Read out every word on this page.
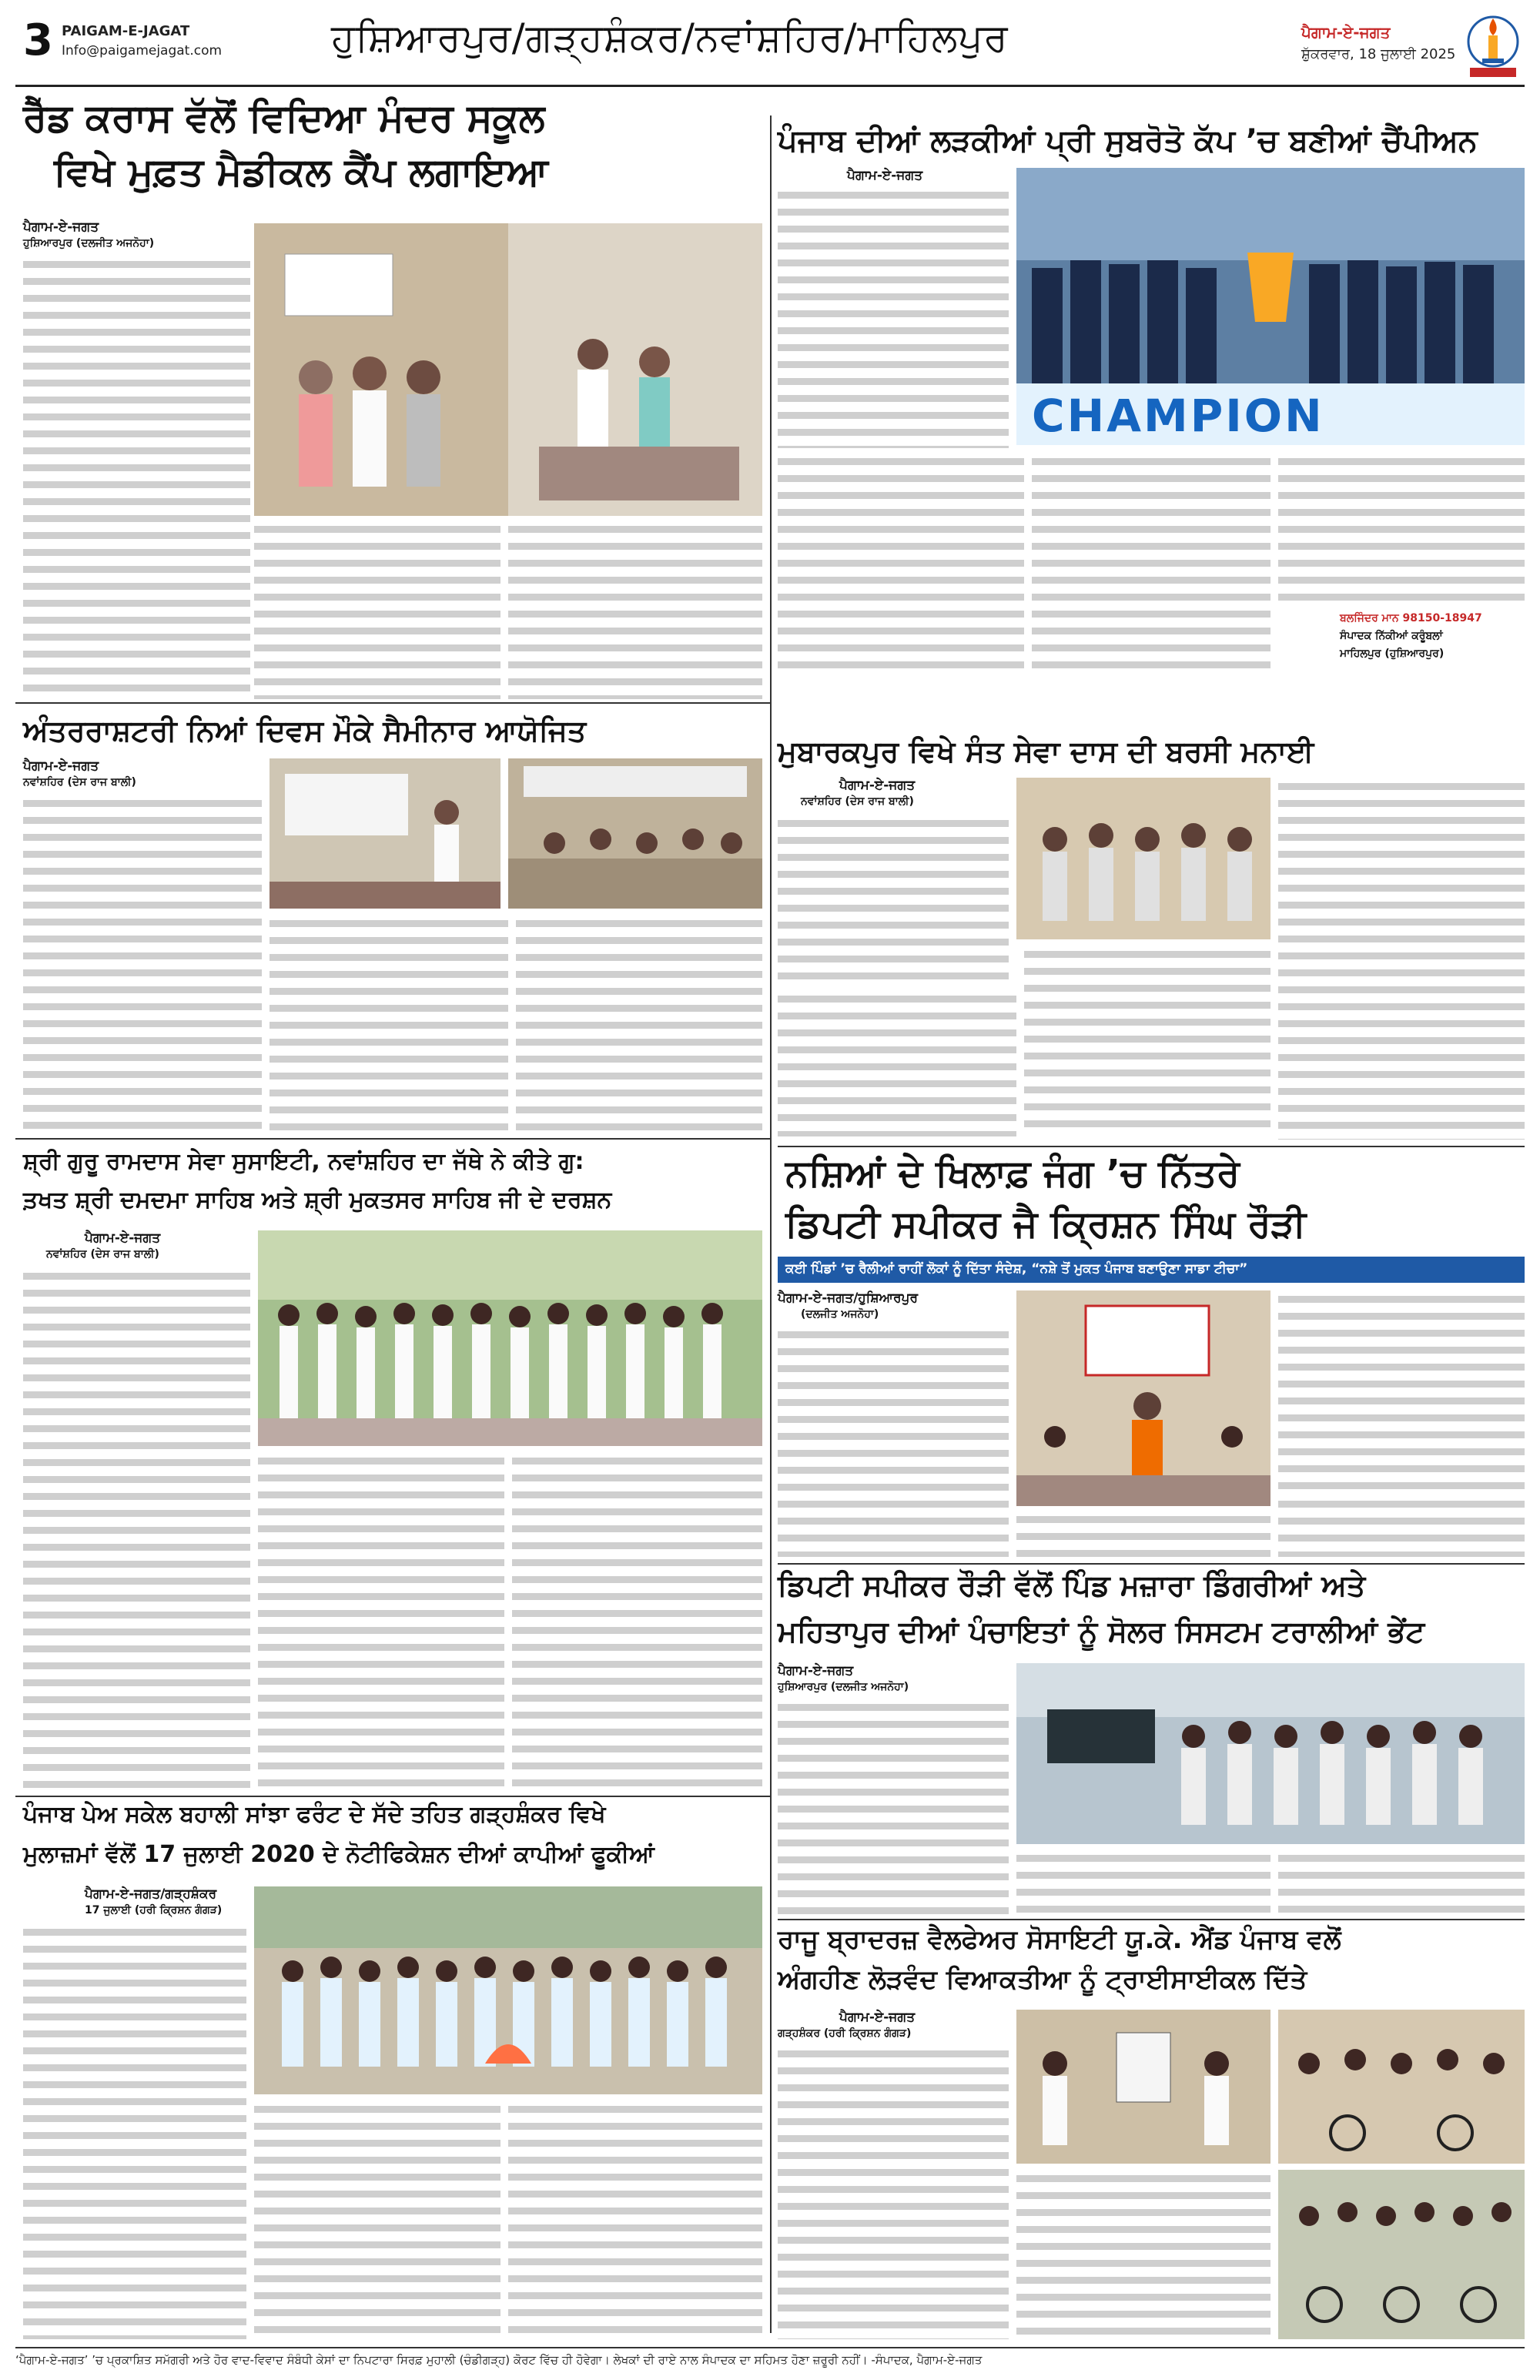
3 PAIGAM-E-JAGAT
Info@paigamejagat.com	ਹੁਸ਼ਿਆਰਪੁਰ/ਗੜ੍ਹਸ਼ੰਕਰ/ਨਵਾਂਸ਼ਹਿਰ/ਮਾਹਿਲਪੁਰ	ਪੈਗਾਮ-ਏ-ਜਗਤ
ਸ਼ੁੱਕਰਵਾਰ, 18 ਜੁਲਾਈ 2025
ਰੈੱਡ ਕਰਾਸ ਵੱਲੋਂ ਵਿਦਿਆ ਮੰਦਰ ਸਕੂਲ
ਵਿਖੇ ਮੁਫ਼ਤ ਮੈਡੀਕਲ ਕੈਂਪ ਲਗਾਇਆ
ਪੈਗਾਮ-ਏ-ਜਗਤ
ਹੁਸ਼ਿਆਰਪੁਰ (ਦਲਜੀਤ ਅਜਨੋਹਾ)
ਪੰਜਾਬ ਦੀਆਂ ਲੜਕੀਆਂ ਪ੍ਰੀ ਸੁਬਰੋਤੋ ਕੱਪ ’ਚ ਬਣੀਆਂ ਚੈਂਪੀਅਨ
ਪੈਗਾਮ-ਏ-ਜਗਤ
CHAMPION
ਬਲਜਿੰਦਰ ਮਾਨ 98150-18947
ਸੰਪਾਦਕ ਨਿੱਕੀਆਂ ਕਰੂੰਬਲਾਂ
ਮਾਹਿਲਪੁਰ (ਹੁਸ਼ਿਆਰਪੁਰ)
ਅੰਤਰਰਾਸ਼ਟਰੀ ਨਿਆਂ ਦਿਵਸ ਮੌਕੇ ਸੈਮੀਨਾਰ ਆਯੋਜਿਤ
ਪੈਗਾਮ-ਏ-ਜਗਤ
ਨਵਾਂਸ਼ਹਿਰ (ਦੇਸ ਰਾਜ ਬਾਲੀ)
ਮੁਬਾਰਕਪੁਰ ਵਿਖੇ ਸੰਤ ਸੇਵਾ ਦਾਸ ਦੀ ਬਰਸੀ ਮਨਾਈ
ਪੈਗਾਮ-ਏ-ਜਗਤ
ਨਵਾਂਸ਼ਹਿਰ (ਦੇਸ ਰਾਜ ਬਾਲੀ)
ਸ਼੍ਰੀ ਗੁਰੂ ਰਾਮਦਾਸ ਸੇਵਾ ਸੁਸਾਇਟੀ, ਨਵਾਂਸ਼ਹਿਰ ਦਾ ਜੱਥੇ ਨੇ ਕੀਤੇ ਗੁ:
ਤ਼ਖਤ ਸ਼੍ਰੀ ਦਮਦਮਾ ਸਾਹਿਬ ਅਤੇ ਸ਼੍ਰੀ ਮੁਕਤਸਰ ਸਾਹਿਬ ਜੀ ਦੇ ਦਰਸ਼ਨ
ਪੈਗਾਮ-ਏ-ਜਗਤ
ਨਵਾਂਸ਼ਹਿਰ (ਦੇਸ ਰਾਜ ਬਾਲੀ)
ਨਸ਼ਿਆਂ ਦੇ ਖਿਲਾਫ਼ ਜੰਗ ’ਚ ਨਿੱਤਰੇ
ਡਿਪਟੀ ਸਪੀਕਰ ਜੈ ਕ੍ਰਿਸ਼ਨ ਸਿੰਘ ਰੌੜੀ
ਕਈ ਪਿੰਡਾਂ ’ਚ ਰੈਲੀਆਂ ਰਾਹੀਂ ਲੋਕਾਂ ਨੂੰ ਦਿੱਤਾ ਸੰਦੇਸ਼, “ਨਸ਼ੇ ਤੋਂ ਮੁਕਤ ਪੰਜਾਬ ਬਣਾਉਣਾ ਸਾਡਾ ਟੀਚਾ”
ਪੈਗਾਮ-ਏ-ਜਗਤ/ਹੁਸ਼ਿਆਰਪੁਰ
(ਦਲਜੀਤ ਅਜਨੋਹਾ)
ਡਿਪਟੀ ਸਪੀਕਰ ਰੌੜੀ ਵੱਲੋਂ ਪਿੰਡ ਮਜ਼ਾਰਾ ਡਿੰਗਰੀਆਂ ਅਤੇ
ਮਹਿਤਾਪੁਰ ਦੀਆਂ ਪੰਚਾਇਤਾਂ ਨੂੰ ਸੋਲਰ ਸਿਸਟਮ ਟਰਾਲੀਆਂ ਭੇਂਟ
ਪੈਗਾਮ-ਏ-ਜਗਤ
ਹੁਸ਼ਿਆਰਪੁਰ (ਦਲਜੀਤ ਅਜਨੋਹਾ)
ਪੰਜਾਬ ਪੇਅ ਸਕੇਲ ਬਹਾਲੀ ਸਾਂਝਾ ਫਰੰਟ ਦੇ ਸੱਦੇ ਤਹਿਤ ਗੜ੍ਹਸ਼ੰਕਰ ਵਿਖੇ
ਮੁਲਾਜ਼ਮਾਂ ਵੱਲੋਂ 17 ਜੁਲਾਈ 2020 ਦੇ ਨੋਟੀਫਿਕੇਸ਼ਨ ਦੀਆਂ ਕਾਪੀਆਂ ਫੂਕੀਆਂ
ਪੈਗਾਮ-ਏ-ਜਗਤ/ਗੜ੍ਹਸ਼ੰਕਰ
17 ਜੁਲਾਈ (ਹਰੀ ਕ੍ਰਿਸ਼ਨ ਗੰਗੜ)
ਰਾਜੂ ਬ੍ਰਾਦਰਜ਼ ਵੈਲਫੇਅਰ ਸੋਸਾਇਟੀ ਯੂ.ਕੇ. ਐਂਡ ਪੰਜਾਬ ਵਲੋਂ
ਅੰਗਹੀਣ ਲੋੜਵੰਦ ਵਿਆਕਤੀਆ ਨੂੰ ਟ੍ਰਾਈਸਾਈਕਲ ਦਿੱਤੇ
ਪੈਗਾਮ-ਏ-ਜਗਤ
ਗੜ੍ਹਸ਼ੰਕਰ (ਹਰੀ ਕ੍ਰਿਸ਼ਨ ਗੰਗੜ)
‘ਪੈਗਾਮ-ਏ-ਜਗਤ’ ’ਚ ਪ੍ਰਕਾਸ਼ਿਤ ਸਮੱਗਰੀ ਅਤੇ ਹੋਰ ਵਾਦ-ਵਿਵਾਦ ਸੰਬੰਧੀ ਕੇਸਾਂ ਦਾ ਨਿਪਟਾਰਾ ਸਿਰਫ਼ ਮੁਹਾਲੀ (ਚੰਡੀਗੜ੍ਹ) ਕੋਰਟ ਵਿੱਚ ਹੀ ਹੋਵੇਗਾ। ਲੇਖਕਾਂ ਦੀ ਰਾਏ ਨਾਲ ਸੰਪਾਦਕ ਦਾ ਸਹਿਮਤ ਹੋਣਾ ਜ਼ਰੂਰੀ ਨਹੀਂ। -ਸੰਪਾਦਕ, ਪੈਗਾਮ-ਏ-ਜਗਤ
